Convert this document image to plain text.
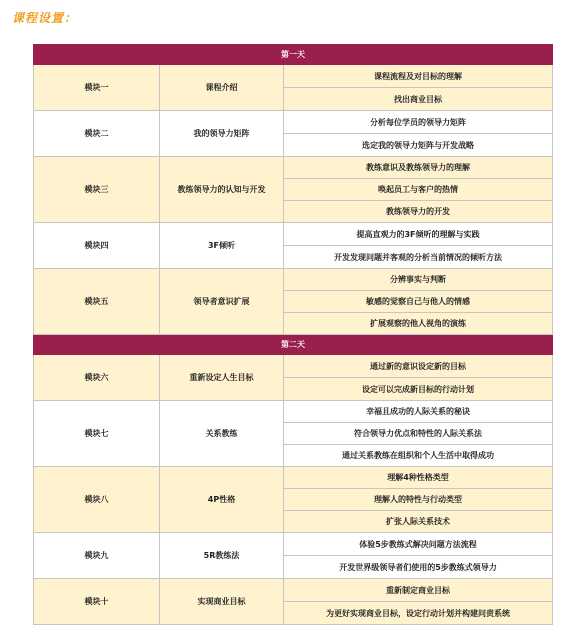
课程设置：
第一天		
模块一	课程介绍	课程流程及对目标的理解
		找出商业目标
模块二	我的领导力矩阵	分析每位学员的领导力矩阵
		选定我的领导力矩阵与开发战略
模块三	教练领导力的认知与开发	教练意识及教练领导力的理解
		唤起员工与客户的热情
		教练领导力的开发
模块四	3F倾听	提高直观力的3F倾听的理解与实践
		开发发现问题并客观的分析当前情况的倾听方法
模块五	领导者意识扩展	分辨事实与判断
		敏感的觉察自己与他人的情感
		扩展观察的他人视角的演练
第二天		
模块六	重新设定人生目标	通过新的意识设定新的目标
		设定可以完成新目标的行动计划
模块七	关系教练	幸福且成功的人际关系的秘诀
		符合领导力优点和特性的人际关系法
		通过关系教练在组织和个人生活中取得成功
模块八	4P性格	理解4种性格类型
		理解人的特性与行动类型
		扩张人际关系技术
模块九	5R教练法	体验5步教练式解决问题方法流程
		开发世界级领导者们使用的5步教练式领导力
模块十	实现商业目标	重新制定商业目标
		为更好实现商业目标，设定行动计划并构建问责系统
